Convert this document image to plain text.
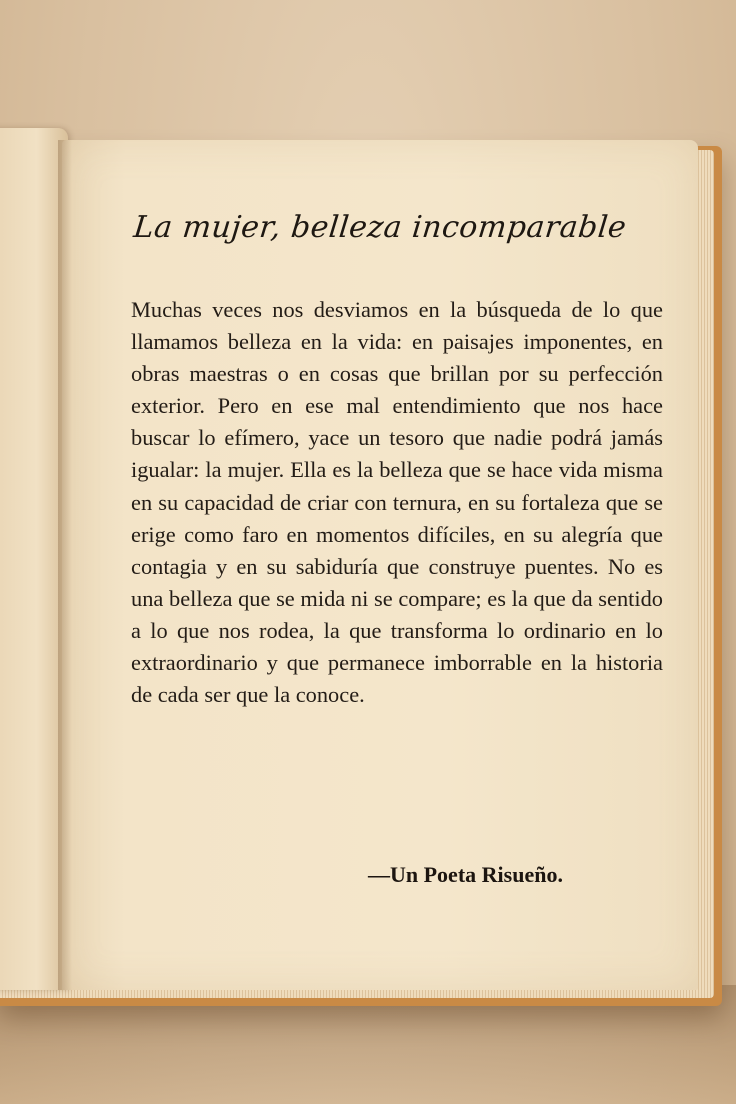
La mujer, belleza incomparable

Muchas veces nos desviamos en la búsqueda de lo que llamamos belleza en la vida: en paisajes imponentes, en obras maestras o en cosas que brillan por su perfección exterior. Pero en ese mal entendimiento que nos hace buscar lo efímero, yace un tesoro que nadie podrá jamás igualar: la mujer. Ella es la belleza que se hace vida misma en su capacidad de criar con ternura, en su fortaleza que se erige como faro en momentos difíciles, en su alegría que contagia y en su sabiduría que construye puentes. No es una belleza que se mida ni se compare; es la que da sentido a lo que nos rodea, la que transforma lo ordinario en lo extraordinario y que permanece imborrable en la historia de cada ser que la conoce.

—Un Poeta Risueño.
